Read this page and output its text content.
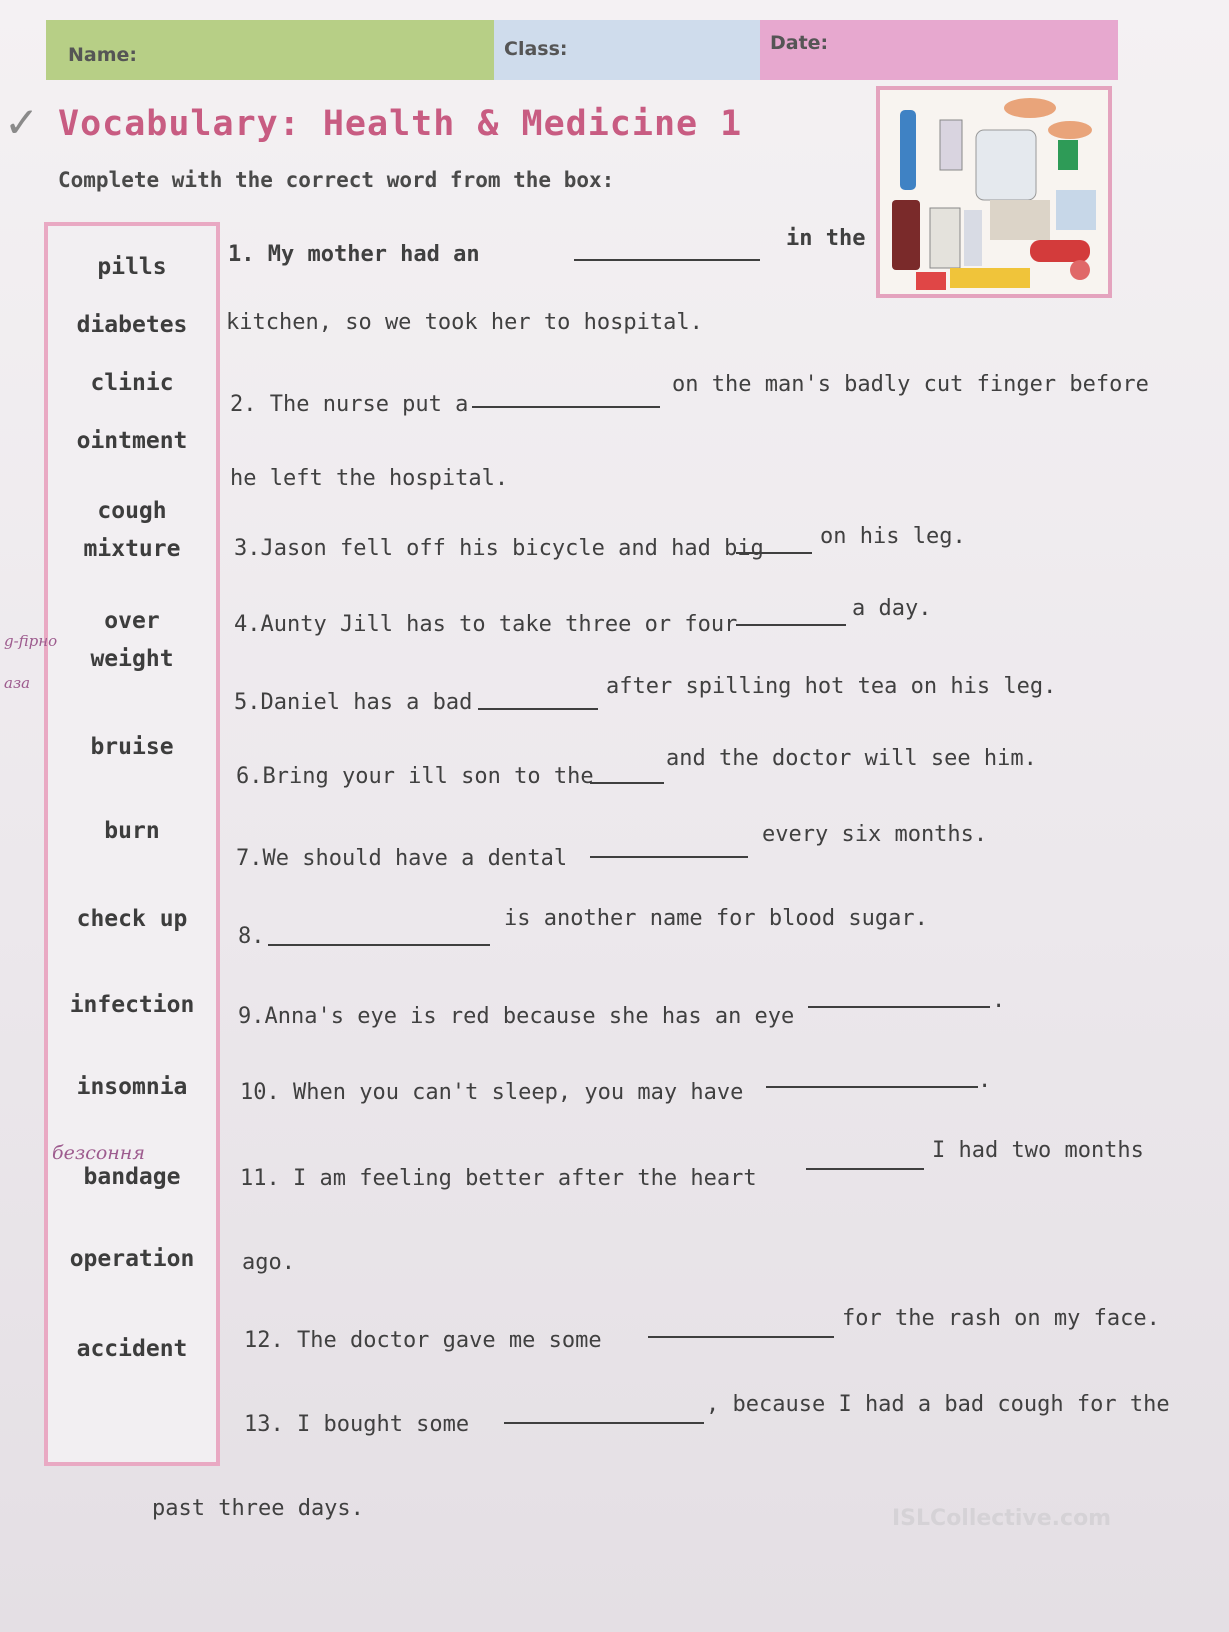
Name:	Class:	Date:
✓ Vocabulary: Health & Medicine 1
Complete with the correct word from the box:
pills
diabetes
clinic
ointment
cough
mixture
over
weight
bruise
burn
check up
infection
insomnia
bandage
operation
accident
g-fiрно
аза
безсоння
1. My mother had an
in the
kitchen, so we took her to hospital.
2. The nurse put a
on the man's badly cut finger before
he left the hospital.
3.Jason fell off his bicycle and had big	on his leg.
4.Aunty Jill has to take three or four
a day.
5.Daniel has a bad
after spilling hot tea on his leg.
6.Bring your ill son to the
and the doctor will see him.
7.We should have a dental
every six months.
8.
is another name for blood sugar.
9.Anna's eye is red because she has an eye
.
10. When you can't sleep, you may have	.
11. I am feeling better after the heart
I had two months
ago.
12. The doctor gave me some
for the rash on my face.
13. I bought some
, because I had a bad cough for the
past three days.	ISLCollective.com
